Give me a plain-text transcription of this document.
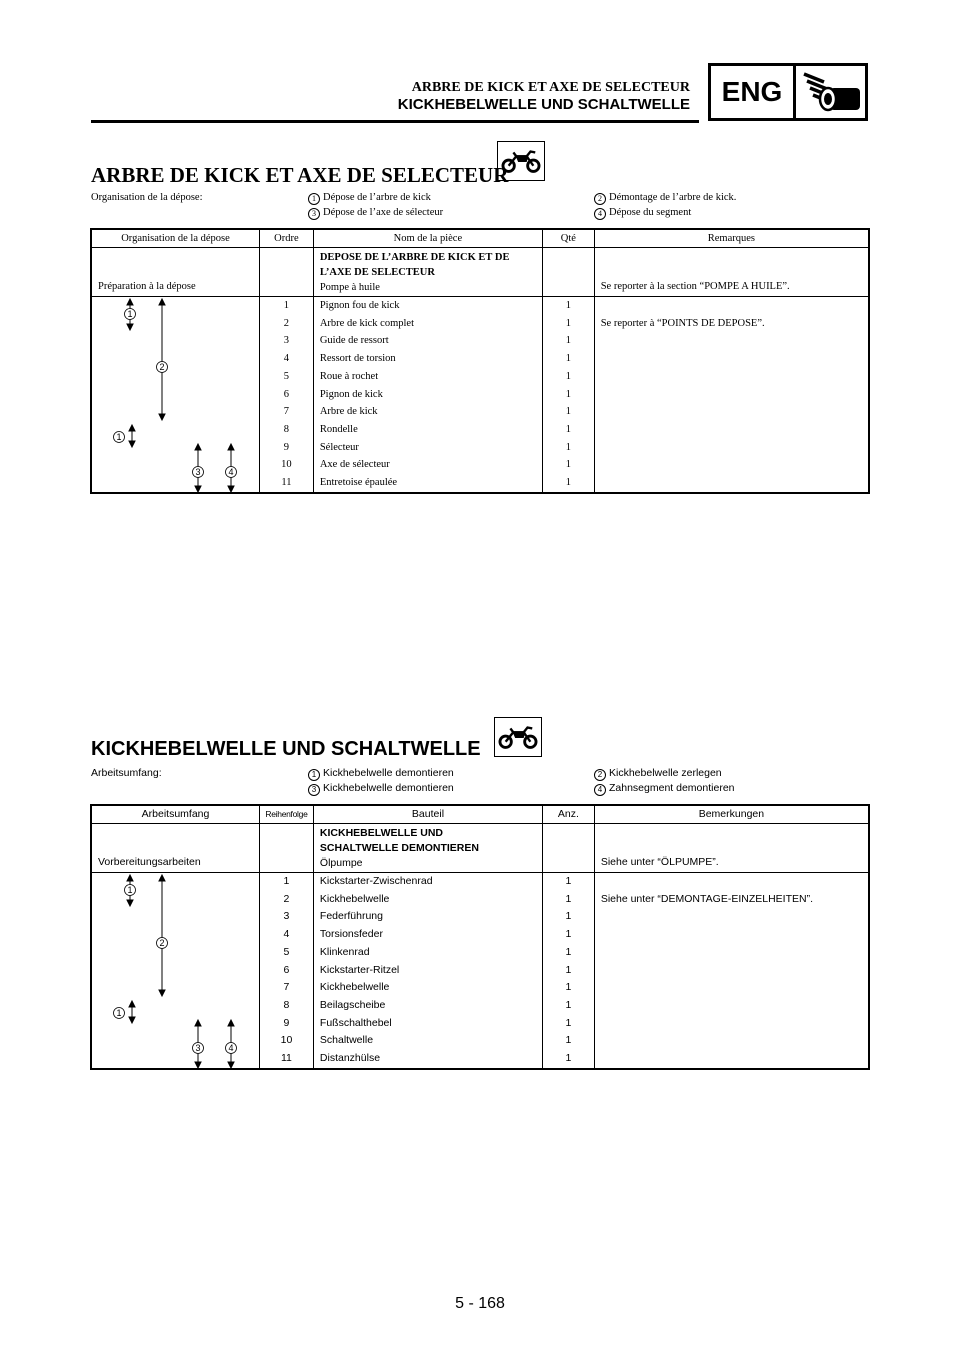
ARBRE DE KICK ET AXE DE SELECTEUR
KICKHEBELWELLE UND SCHALTWELLE	ENG
ARBRE DE KICK ET AXE DE SELECTEUR
Organisation de la dépose:	1 Dépose de l’arbre de kick
3 Dépose de l’axe de sélecteur
2 Démontage de l’arbre de kick.
4 Dépose du segment
Organisation de la dépose	Ordre	Nom de la pièce	Qté	Remarques
Préparation à la dépose		DEPOSE DE L’ARBRE DE KICK ET DE
L’AXE DE SELECTEUR
Pompe à huile		Se reporter à la section “POMPE A HUILE”.

1
2
1
3 4	1	Pignon fou de kick	1	
	2	Arbre de kick complet	1	Se reporter à “POINTS DE DEPOSE”.
	3	Guide de ressort	1	
	4	Ressort de torsion	1	
	5	Roue à rochet	1	
	6	Pignon de kick	1	
	7	Arbre de kick	1	
	8	Rondelle	1	
	9	Sélecteur	1	
	10	Axe de sélecteur	1	
	11	Entretoise épaulée	1	
KICKHEBELWELLE UND SCHALTWELLE
Arbeitsumfang:	1 Kickhebelwelle demontieren
3 Kickhebelwelle demontieren
2 Kickhebelwelle zerlegen
4 Zahnsegment demontieren
Arbeitsumfang	Reihenfolge	Bauteil	Anz.	Bemerkungen
Vorbereitungsarbeiten		KICKHEBELWELLE UND
SCHALTWELLE DEMONTIEREN
Ölpumpe		Siehe unter “ÖLPUMPE”.

1
2
1
3 4	1	Kickstarter-Zwischenrad	1	
	2	Kickhebelwelle	1	Siehe unter “DEMONTAGE-EINZELHEITEN”.
	3	Federführung	1	
	4	Torsionsfeder	1	
	5	Klinkenrad	1	
	6	Kickstarter-Ritzel	1	
	7	Kickhebelwelle	1	
	8	Beilagscheibe	1	
	9	Fußschalthebel	1	
	10	Schaltwelle	1	
	11	Distanzhülse	1	
5 - 168
